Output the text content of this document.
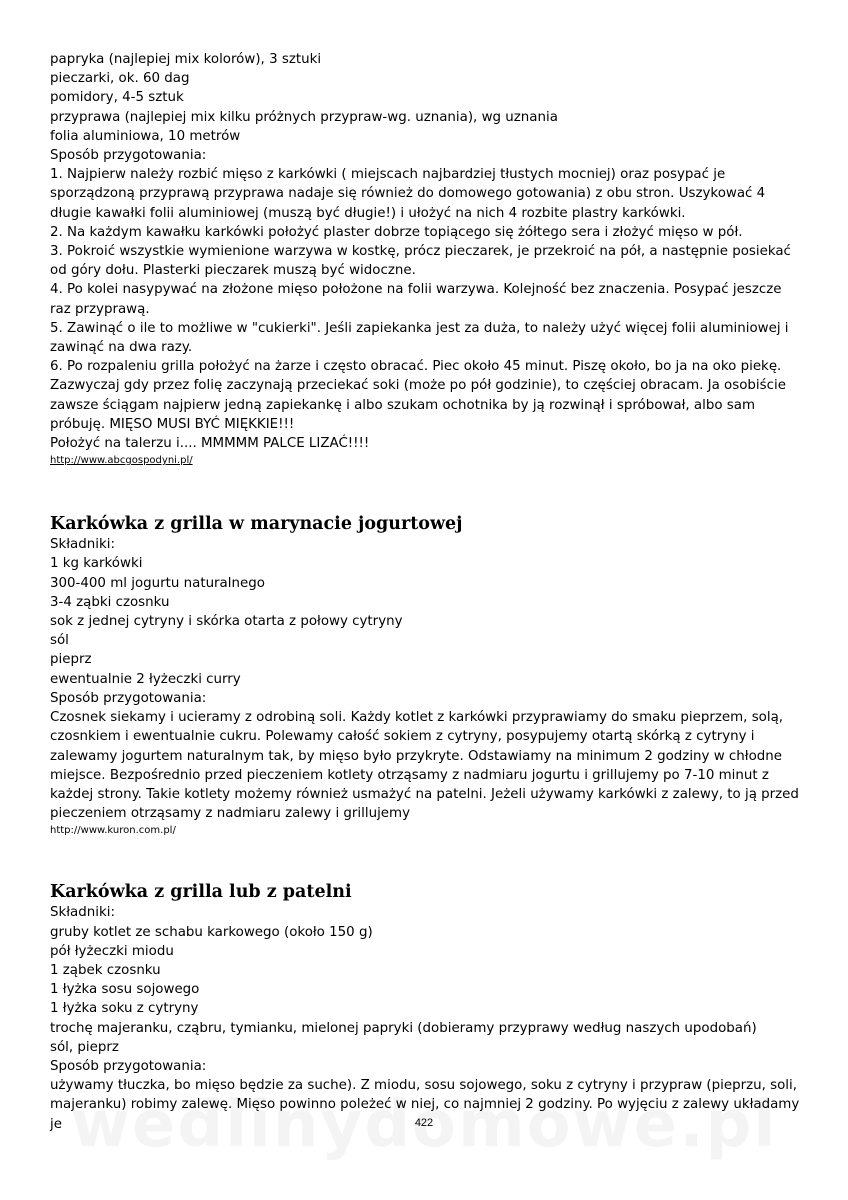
papryka (najlepiej mix kolorów), 3 sztuki

pieczarki, ok. 60 dag

pomidory, 4-5 sztuk

przyprawa (najlepiej mix kilku próżnych przypraw-wg. uznania), wg uznania

folia aluminiowa, 10 metrów

Sposób przygotowania:

1. Najpierw należy rozbić mięso z karkówki ( miejscach najbardziej tłustych mocniej) oraz posypać je sporządzoną przyprawą przyprawa nadaje się również do domowego gotowania) z obu stron. Uszykować 4 długie kawałki folii aluminiowej (muszą być długie!) i ułożyć na nich 4 rozbite plastry karkówki.

2. Na każdym kawałku karkówki położyć plaster dobrze topiącego się żółtego sera i złożyć mięso w pół.

3. Pokroić wszystkie wymienione warzywa w kostkę, prócz pieczarek, je przekroić na pół, a następnie posiekać od góry dołu. Plasterki pieczarek muszą być widoczne.

4. Po kolei nasypywać na złożone mięso położone na folii warzywa. Kolejność bez znaczenia. Posypać jeszcze raz przyprawą.

5. Zawinąć o ile to możliwe w "cukierki". Jeśli zapiekanka jest za duża, to należy użyć więcej folii aluminiowej i zawinąć na dwa razy.

6. Po rozpaleniu grilla położyć na żarze i często obracać. Piec około 45 minut. Piszę około, bo ja na oko piekę. Zazwyczaj gdy przez folię zaczynają przeciekać soki (może po pół godzinie), to częściej obracam. Ja osobiście zawsze ściągam najpierw jedną zapiekankę i albo szukam ochotnika by ją rozwinął i spróbował, albo sam próbuję. MIĘSO MUSI BYĆ MIĘKKIE!!!

Położyć na talerzu i.... MMMMM PALCE LIZAĆ!!!!

http://www.abcgospodyni.pl/

Karkówka z grilla w marynacie jogurtowej

Składniki:

1 kg karkówki

300-400 ml jogurtu naturalnego

3-4 ząbki czosnku

sok z jednej cytryny i skórka otarta z połowy cytryny

sól

pieprz

ewentualnie 2 łyżeczki curry

Sposób przygotowania:

Czosnek siekamy i ucieramy z odrobiną soli. Każdy kotlet z karkówki przyprawiamy do smaku pieprzem, solą, czosnkiem i ewentualnie cukru. Polewamy całość sokiem z cytryny, posypujemy otartą skórką z cytryny i zalewamy jogurtem naturalnym tak, by mięso było przykryte. Odstawiamy na minimum 2 godziny w chłodne miejsce. Bezpośrednio przed pieczeniem kotlety otrząsamy z nadmiaru jogurtu i grillujemy po 7-10 minut z każdej strony. Takie kotlety możemy również usmażyć na patelni. Jeżeli używamy karkówki z zalewy, to ją przed pieczeniem otrząsamy z nadmiaru zalewy i grillujemy

http://www.kuron.com.pl/

Karkówka z grilla lub z patelni

Składniki:

gruby kotlet ze schabu karkowego (około 150 g)

pół łyżeczki miodu

1 ząbek czosnku

1 łyżka sosu sojowego

1 łyżka soku z cytryny

trochę majeranku, cząbru, tymianku, mielonej papryki (dobieramy przyprawy według naszych upodobań)

sól, pieprz

Sposób przygotowania:

używamy tłuczka, bo mięso będzie za suche). Z miodu, sosu sojowego, soku z cytryny i przypraw (pieprzu, soli, majeranku) robimy zalewę. Mięso powinno poleżeć w niej, co najmniej 2 godziny. Po wyjęciu z zalewy układamy je	422
